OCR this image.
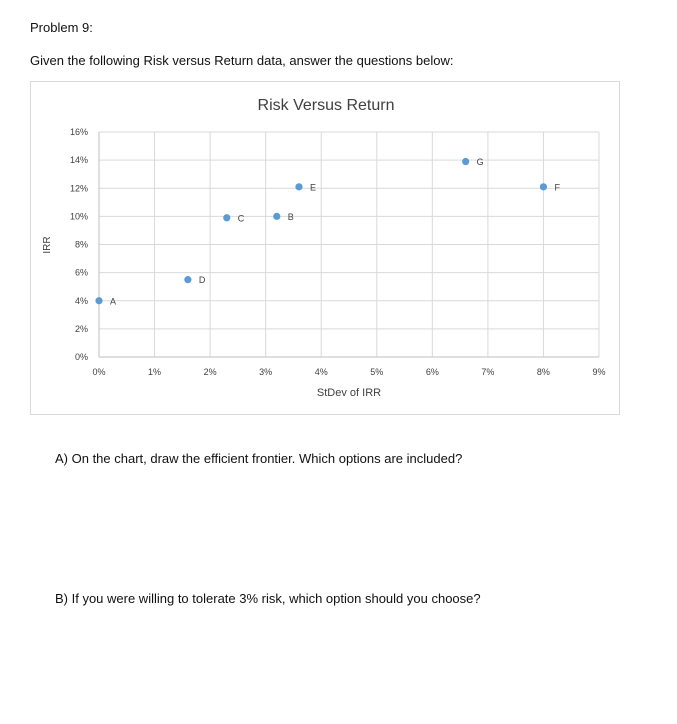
Problem 9:
Given the following Risk versus Return data, answer the questions below:
0%
2%
4%
6%
8%
10%
12%
14%
16%
0%	1%	2%	3%	4%	5%	6%	7%	8%	9%
A
B
C
D
E	F
G
Risk Versus Return
StDev of IRR
IRR
A) On the chart, draw the efficient frontier. Which options are included?
B) If you were willing to tolerate 3% risk, which option should you choose?
